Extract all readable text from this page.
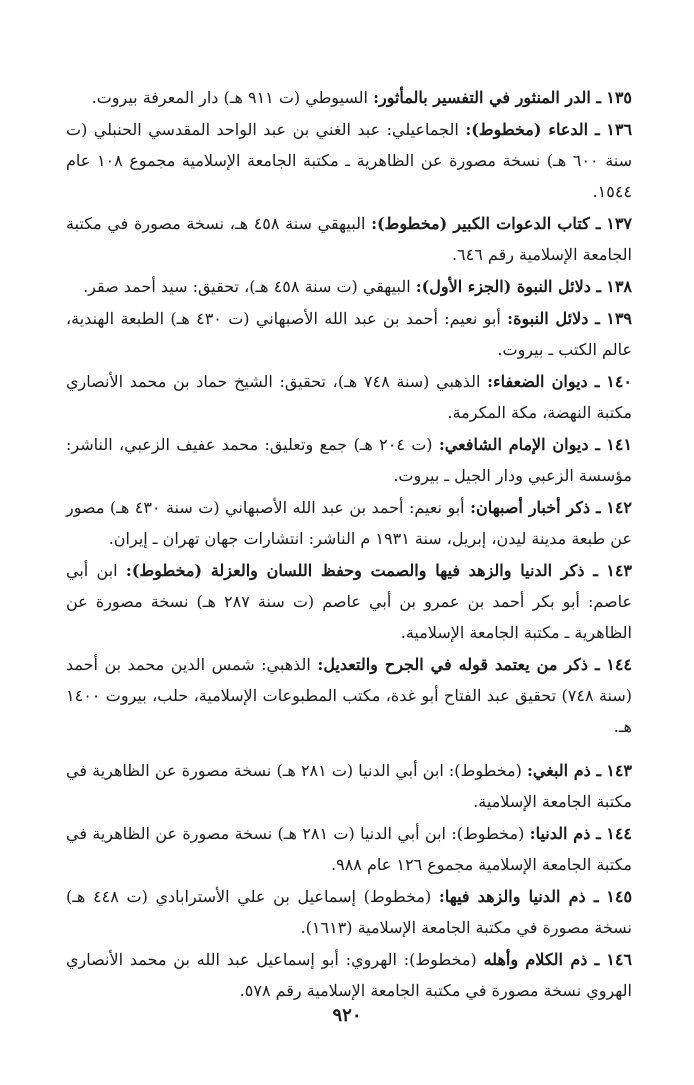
١٣٥ ـ الدر المنثور في التفسير بالمأثور: السيوطي (ت ٩١١ هـ) دار المعرفة بيروت.
١٣٦ ـ الدعاء (مخطوط): الجماعيلي: عبد الغني بن عبد الواحد المقدسي الحنبلي (ت سنة ٦٠٠ هـ) نسخة مصورة عن الظاهرية ـ مكتبة الجامعة الإسلامية مجموع ١٠٨ عام ١٥٤٤.
١٣٧ ـ كتاب الدعوات الكبير (مخطوط): البيهقي سنة ٤٥٨ هـ، نسخة مصورة في مكتبة الجامعة الإسلامية رقم ٦٤٦.
١٣٨ ـ دلائل النبوة (الجزء الأول): البيهقي (ت سنة ٤٥٨ هـ)، تحقيق: سيد أحمد صقر.
١٣٩ ـ دلائل النبوة: أبو نعيم: أحمد بن عبد الله الأصبهاني (ت ٤٣٠ هـ) الطبعة الهندية، عالم الكتب ـ بيروت.
١٤٠ ـ ديوان الضعفاء: الذهبي (سنة ٧٤٨ هـ)، تحقيق: الشيخ حماد بن محمد الأنصاري مكتبة النهضة، مكة المكرمة.
١٤١ ـ ديوان الإمام الشافعي: (ت ٢٠٤ هـ) جمع وتعليق: محمد عفيف الزعبي، الناشر: مؤسسة الزعبي ودار الجيل ـ بيروت.
١٤٢ ـ ذكر أخبار أصبهان: أبو نعيم: أحمد بن عبد الله الأصبهاني (ت سنة ٤٣٠ هـ) مصور عن طبعة مدينة ليدن، إبريل، سنة ١٩٣١ م الناشر: انتشارات جهان تهران ـ إيران.
١٤٣ ـ ذكر الدنيا والزهد فيها والصمت وحفظ اللسان والعزلة (مخطوط): ابن أبي عاصم: أبو بكر أحمد بن عمرو بن أبي عاصم (ت سنة ٢٨٧ هـ) نسخة مصورة عن الظاهرية ـ مكتبة الجامعة الإسلامية.
١٤٤ ـ ذكر من يعتمد قوله في الجرح والتعديل: الذهبي: شمس الدين محمد بن أحمد (سنة ٧٤٨) تحقيق عبد الفتاح أبو غدة، مكتب المطبوعات الإسلامية، حلب، بيروت ١٤٠٠ هـ.
١٤٣ ـ ذم البغي: (مخطوط): ابن أبي الدنيا (ت ٢٨١ هـ) نسخة مصورة عن الظاهرية في مكتبة الجامعة الإسلامية.
١٤٤ ـ ذم الدنيا: (مخطوط): ابن أبي الدنيا (ت ٢٨١ هـ) نسخة مصورة عن الظاهرية في مكتبة الجامعة الإسلامية مجموع ١٢٦ عام ٩٨٨.
١٤٥ ـ ذم الدنيا والزهد فيها: (مخطوط) إسماعيل بن علي الأسترابادي (ت ٤٤٨ هـ) نسخة مصورة في مكتبة الجامعة الإسلامية (١٦١٣).
١٤٦ ـ ذم الكلام وأهله (مخطوط): الهروي: أبو إسماعيل عبد الله بن محمد الأنصاري الهروي نسخة مصورة في مكتبة الجامعة الإسلامية رقم ٥٧٨.
٩٢٠
